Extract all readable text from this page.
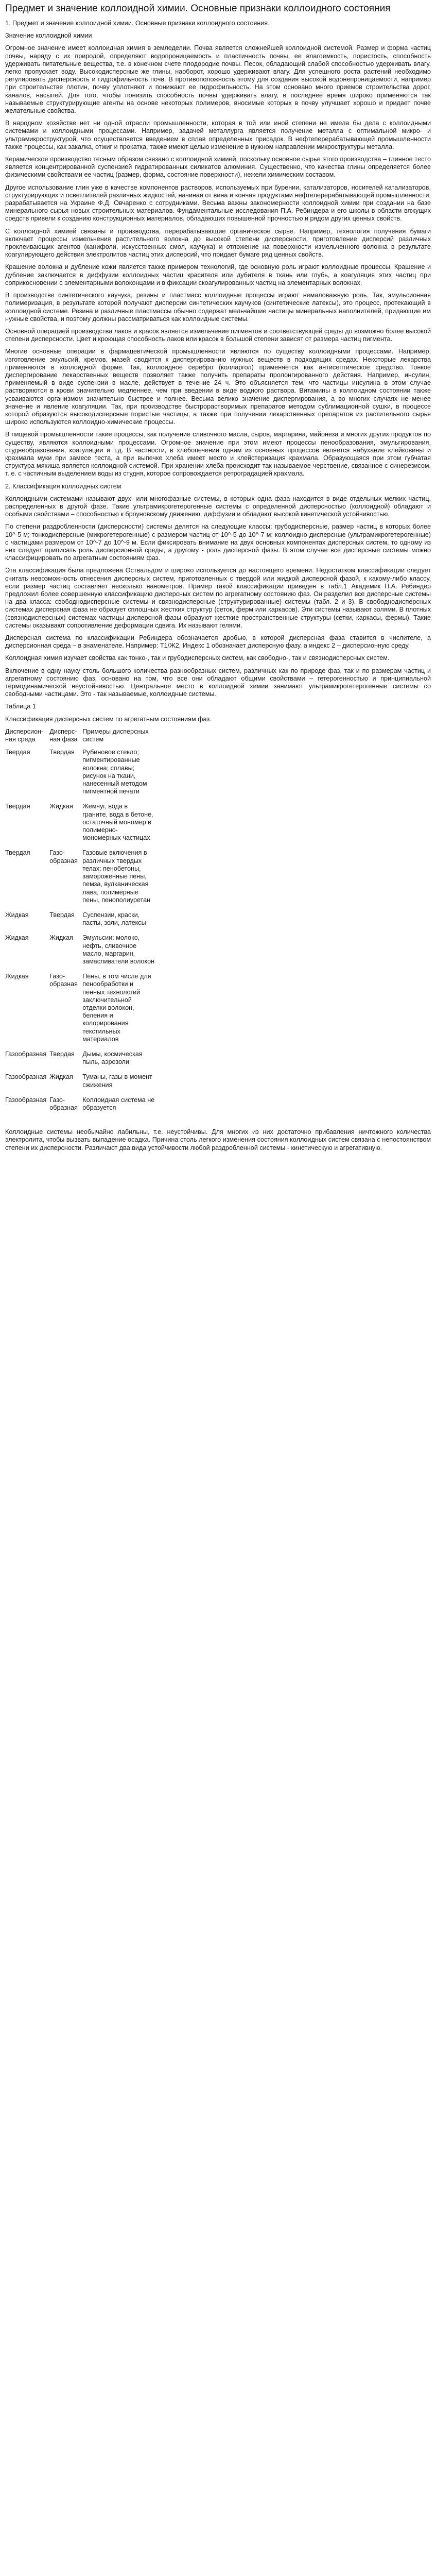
Предмет и значение коллоидной химии. Основные признаки коллоидного состояния

1. Предмет и значение коллоидной химии. Основные признаки коллоидного состояния.

Значение коллоидной химии

Огромное значение имеет коллоидная химия в земледелии. Почва является сложнейшей коллоидной системой. Размер и форма частиц почвы, наряду с их природой, определяют водопроницаемость и пластичность почвы, ее влагоемкость, пористость, способность удерживать питательные вещества, т.е. в конечном счете плодородие почвы. Песок, обладающий слабой способностью удерживать влагу, легко пропускает воду. Высокодисперсные же глины, наоборот, хорошо удерживают влагу. Для успешного роста растений необходимо регулировать дисперсность и гидрофильность почв. В противоположность этому для создания высокой водонепроницаемости, например при строительстве плотин, почву уплотняют и понижают ее гидрофильность. На этом основано много приемов строительства дорог, каналов, насыпей. Для того, чтобы понизить способность почвы удерживать влагу, в последнее время широко применяются так называемые структурирующие агенты на основе некоторых полимеров, вносимые которых в почву улучшает хорошо и придает почве желательные свойства.

В народном хозяйстве нет ни одной отрасли промышленности, которая в той или иной степени не имела бы дела с коллоидными системами и коллоидными процессами. Например, задачей металлурга является получение металла с оптимальной микро- и ультрамикроструктурой, что осуществляется введением в сплав определенных присадок. В нефтеперерабатывающей промышленности также процессы, как закалка, отжиг и прокатка, также имеют целью изменение в нужном направлении микроструктуры металла.

Керамическое производство тесным образом связано с коллоидной химией, поскольку основное сырье этого производства – глинное тесто является концентрированной суспензией гидратированных силикатов алюминия. Существенно, что качества глины определяется более физическими свойствами ее частиц (размер, форма, состояние поверхности), нежели химическим составом.

Другое использование глин уже в качестве компонентов растворов, используемых при бурении, катализаторов, носителей катализаторов, структурирующих и осветлителей различных жидкостей, начиная от вина и кончая продуктами нефтеперерабатывающей промышленности, разрабатывается на Украине Ф.Д. Овчаренко с сотрудниками. Весьма важны закономерности коллоидной химии при создании на базе минерального сырья новых строительных материалов. Фундаментальные исследования П.А. Ребиндера и его школы в области вяжущих средств привели к созданию конструкционных материалов, обладающих повышенной прочностью и рядом других ценных свойств.

С коллоидной химией связаны и производства, перерабатывающие органическое сырье. Например, технология получения бумаги включает процессы измельчения растительного волокна до высокой степени дисперсности, приготовление дисперсий различных проклеивающих агентов (канифоли, искусственных смол, каучука) и отложение на поверхности измельченного волокна в результате коагулирующего действия электролитов частиц этих дисперсий, что придает бумаге ряд ценных свойств.

Крашение волокна и дубление кожи является также примером технологий, где основную роль играют коллоидные процессы. Крашение и дубление заключается в диффузии коллоидных частиц красителя или дубителя в ткань или глубь, а коагуляция этих частиц при соприкосновении с элементарными волоконцами и в фиксации скоагулированных частиц на элементарных волокнах.

В производстве синтетического каучука, резины и пластмасс коллоидные процессы играют немаловажную роль. Так, эмульсионная полимеризация, в результате которой получают дисперсии синтетических каучуков (синтетические латексы), это процесс, протекающий в коллоидной системе. Резина и различные пластмассы обычно содержат мельчайшие частицы минеральных наполнителей, придающие им нужные свойства, и поэтому должны рассматриваться как коллоидные системы.

Основной операцией производства лаков и красок является измельчение пигментов и соответствующей среды до возможно более высокой степени дисперсности. Цвет и кроющая способность лаков или красок в большой степени зависят от размера частиц пигмента.

Многие основные операции в фармацевтической промышленности являются по существу коллоидными процессами. Например, изготовление эмульсий, кремов, мазей сводится к диспергированию нужных веществ в подходящих средах. Некоторые лекарства применяются в коллоидной форме. Так, коллоидное серебро (колларгол) применяется как антисептическое средство. Тонкое диспергирование лекарственных веществ позволяет также получить препараты пролонгированного действия. Например, инсулин, применяемый в виде суспензии в масле, действует в течение 24 ч. Это объясняется тем, что частицы инсулина в этом случае растворяются в крови значительно медленнее, чем при введении в виде водного раствора. Витамины в коллоидном состоянии также усваиваются организмом значительно быстрее и полнее. Весьма велико значение диспергирования, а во многих случаях не менее значение и явление коагуляции. Так, при производстве быстрорастворимых препаратов методом сублимационной сушки, в процессе которой образуются высокодисперсные пористые частицы, а также при получении лекарственных препаратов из растительного сырья широко используются коллоидно-химические процессы.

В пищевой промышленности такие процессы, как получение сливочного масла, сыров, маргарина, майонеза и многих других продуктов по существу, являются коллоидными процессами. Огромное значение при этом имеют процессы пенообразования, эмульгирования, студнеобразования, коагуляции и т.д. В частности, в хлебопечении одним из основных процессов является набухание клейковины и крахмала муки при замесе теста, а при выпечке хлеба имеет место и клейстеризация крахмала. Образующаяся при этом губчатая структура мякиша является коллоидной системой. При хранении хлеба происходит так называемое черствение, связанное с синерезисом, т. е. с частичным выделением воды из студня, которое сопровождается ретроградацией крахмала.

2. Классификация коллоидных систем

Коллоидными системами называют двух- или многофазные системы, в которых одна фаза находится в виде отдельных мелких частиц, распределенных в другой фазе. Такие ультрамикрогетерогенные системы с определенной дисперсностью (коллоидной) обладают и особыми свойствами – способностью к броуновскому движению, диффузии и обладают высокой кинетической устойчивостью.

По степени раздробленности (дисперсности) системы делятся на следующие классы: грубодисперсные, размер частиц в которых более 10^-5 м; тонкодисперсные (микрогетерогенные) с размером частиц от 10^-5 до 10^-7 м; коллоидно-дисперсные (ультрамикрогетерогенные) с частицами размером от 10^-7 до 10^-9 м. Если фиксировать внимание на двух основных компонентах дисперсных систем, то одному из них следует приписать роль дисперсионной среды, а другому - роль дисперсной фазы. В этом случае все дисперсные системы можно классифицировать по агрегатным состояниям фаз.

Эта классификация была предложена Оствальдом и широко используется до настоящего времени. Недостатком классификации следует считать невозможность отнесения дисперсных систем, приготовленных с твердой или жидкой дисперсной фазой, к какому-либо классу, если размер частиц составляет несколько нанометров. Пример такой классификации приведен в табл.1 Академик П.А. Ребиндер предложил более совершенную классификацию дисперсных систем по агрегатному состоянию фаз. Он разделил все дисперсные системы на два класса: свободнодисперсные системы и связнодисперсные (структурированные) системы (табл. 2 и 3). В свободнодисперсных системах дисперсная фаза не образует сплошных жестких структур (сеток, ферм или каркасов). Эти системы называют золями. В плотных (связнодисперсных) системах частицы дисперсной фазы образуют жесткие пространственные структуры (сетки, каркасы, фермы). Такие системы оказывают сопротивление деформации сдвига. Их называют гелями.

Дисперсная система по классификации Ребиндера обозначается дробью, в которой дисперсная фаза ставится в числителе, а дисперсионная среда – в знаменателе. Например: Т1/Ж2, Индекс 1 обозначает дисперсную фазу, а индекс 2 – дисперсионную среду.

Коллоидная химия изучает свойства как тонко-, так и грубодисперсных систем, как свободно-, так и связнодисперсных систем.

Включение в одну науку столь большого количества разнообразных систем, различных как по природе фаз, так и по размерам частиц и агрегатному состоянию фаз, основано на том, что все они обладают общими свойствами – гетерогенностью и принципиальной термодинамической неустойчивостью. Центральное место в коллоидной химии занимают ультрамикрогетерогенные системы со свободными частицами. Это - так называемые, коллоидные системы.

Таблица 1

Классификация дисперсных систем по агрегатным состояниям фаз.

Дисперсион-ная среда	Дисперс-ная фаза	Примеры дисперсных систем
Твердая	Твердая	Рубиновое стекло; пигментированные волокна; сплавы; рисунок на ткани, нанесенный методом пигментной печати
Твердая	Жидкая	Жемчуг, вода в граните, вода в бетоне, остаточный мономер в полимерно-мономерных частицах
Твердая	Газо-образная	Газовые включения в различных твердых телах: пенобетоны, замороженные пены, пемза, вулканическая лава, полимерные пены, пенополиуретан
Жидкая	Твердая	Суспензии, краски, пасты, золи, латексы
Жидкая	Жидкая	Эмульсии: молоко, нефть, сливочное масло, маргарин, замасливатели волокон
Жидкая	Газо-образная	Пены, в том числе для пенообработки и пенных технологий заключительной отделки волокон, беления и колорирования текстильных материалов
Газообразная	Твердая	Дымы, космическая пыль, аэрозоли
Газообразная	Жидкая	Туманы, газы в момент сжижения
Газообразная	Газо-образная	Коллоидная система не образуется

Коллоидные системы необычайно лабильны, т.е. неустойчивы. Для многих из них достаточно прибавления ничтожного количества электролита, чтобы вызвать выпадение осадка. Причина столь легкого изменения состояния коллоидных систем связана с непостоянством степени их дисперсности. Различают два вида устойчивости любой раздробленной системы - кинетическую и агрегативную.
